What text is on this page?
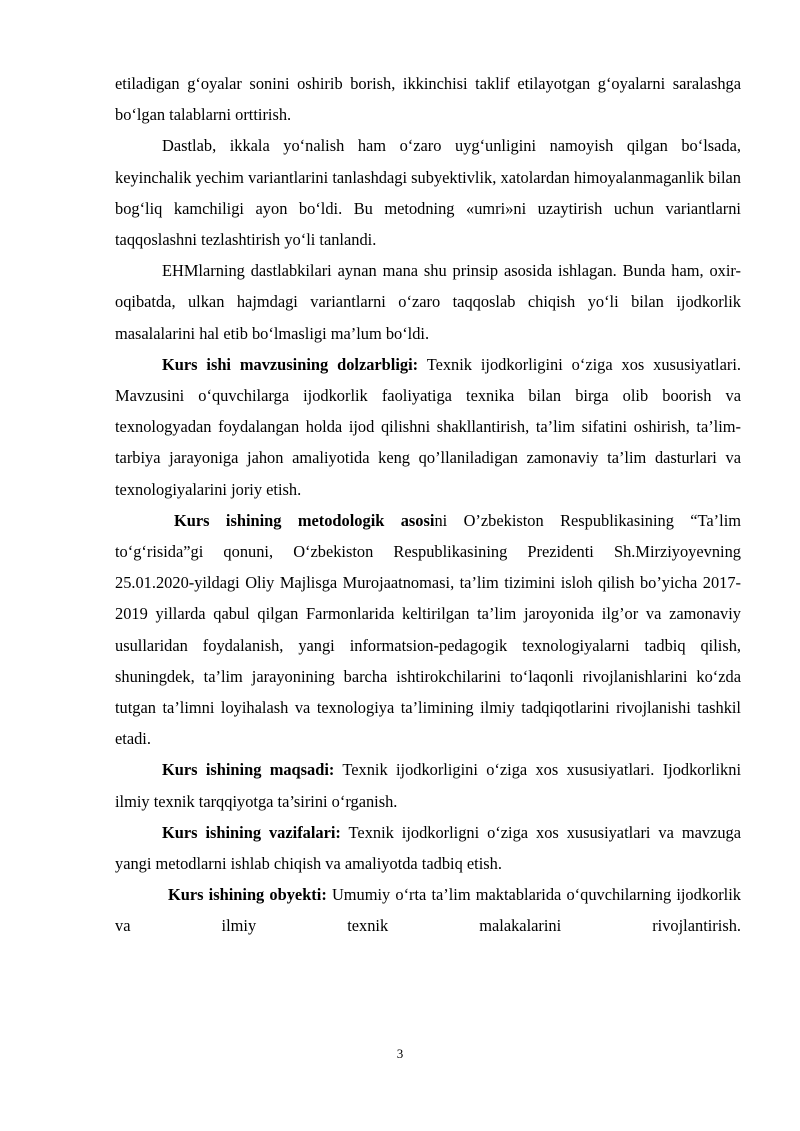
etiladigan g‘oyalar sonini oshirib borish, ikkinchisi taklif etilayotgan g‘oyalarni saralashga bo‘lgan talablarni orttirish.

Dastlab, ikkala yo‘nalish ham o‘zaro uyg‘unligini namoyish qilgan bo‘lsada, keyinchalik yechim variantlarini tanlashdagi subyektivlik, xatolardan himoyalanmaganlik bilan bog‘liq kamchiligi ayon bo‘ldi. Bu metodning «umri»ni uzaytirish uchun variantlarni taqqoslashni tezlashtirish yo‘li tanlandi.

EHMlarning dastlabkilari aynan mana shu prinsip asosida ishlagan. Bunda ham, oxir-oqibatda, ulkan hajmdagi variantlarni o‘zaro taqqoslab chiqish yo‘li bilan ijodkorlik masalalarini hal etib bo‘lmasligi ma’lum bo‘ldi.

Kurs ishi mavzusining dolzarbligi: Texnik ijodkorligini o‘ziga xos xususiyatlari. Mavzusini o‘quvchilarga ijodkorlik faoliyatiga texnika bilan birga olib boorish va texnologyadan foydalangan holda ijod qilishni shakllantirish, ta’lim sifatini oshirish, ta’lim-tarbiya jarayoniga jahon amaliyotida keng qo’llaniladigan zamonaviy ta’lim dasturlari va texnologiyalarini joriy etish.

Kurs ishining metodologik asosini O’zbekiston Respublikasining “Ta’lim to‘g‘risida”gi qonuni, O‘zbekiston Respublikasining Prezidenti Sh.Mirziyoyevning 25.01.2020-yildagi Oliy Majlisga Murojaatnomasi, ta’lim tizimini isloh qilish bo’yicha 2017-2019 yillarda qabul qilgan Farmonlarida keltirilgan ta’lim jaroyonida ilg’or va zamonaviy usullaridan foydalanish, yangi informatsion-pedagogik texnologiyalarni tadbiq qilish, shuningdek, ta’lim jarayonining barcha ishtirokchilarini to‘laqonli rivojlanishlarini ko‘zda tutgan ta’limni loyihalash va texnologiya ta’limining ilmiy tadqiqotlarini rivojlanishi tashkil etadi.

Kurs ishining maqsadi: Texnik ijodkorligini o‘ziga xos xususiyatlari. Ijodkorlikni ilmiy texnik tarqqiyotga ta’sirini o‘rganish.

Kurs ishining vazifalari: Texnik ijodkorligni o‘ziga xos xususiyatlari va mavzuga yangi metodlarni ishlab chiqish va amaliyotda tadbiq etish.

Kurs ishining obyekti: Umumiy o‘rta ta’lim maktablarida o‘quvchilarning ijodkorlik va ilmiy texnik malakalarini rivojlantirish.

3
